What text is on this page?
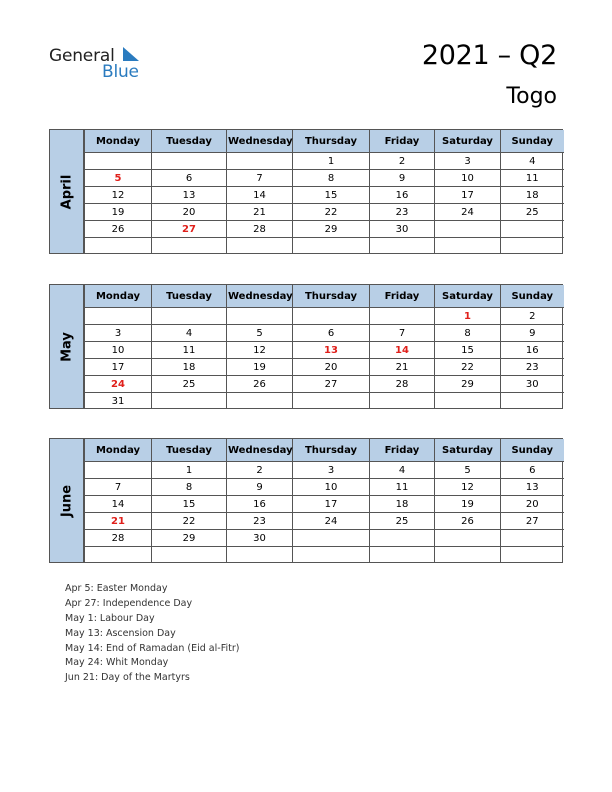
General
Blue
2021 – Q2
Togo
April
Monday	Tuesday	Wednesday	Thursday	Friday	Saturday	Sunday
			1	2	3	4
5	6	7	8	9	10	11
12	13	14	15	16	17	18
19	20	21	22	23	24	25
26	27	28	29	30		

May
Monday	Tuesday	Wednesday	Thursday	Friday	Saturday	Sunday
					1	2
3	4	5	6	7	8	9
10	11	12	13	14	15	16
17	18	19	20	21	22	23
24	25	26	27	28	29	30
31						
June
Monday	Tuesday	Wednesday	Thursday	Friday	Saturday	Sunday
	1	2	3	4	5	6
7	8	9	10	11	12	13
14	15	16	17	18	19	20
21	22	23	24	25	26	27
28	29	30				

Apr 5: Easter Monday
Apr 27: Independence Day
May 1: Labour Day
May 13: Ascension Day
May 14: End of Ramadan (Eid al-Fitr)
May 24: Whit Monday
Jun 21: Day of the Martyrs
